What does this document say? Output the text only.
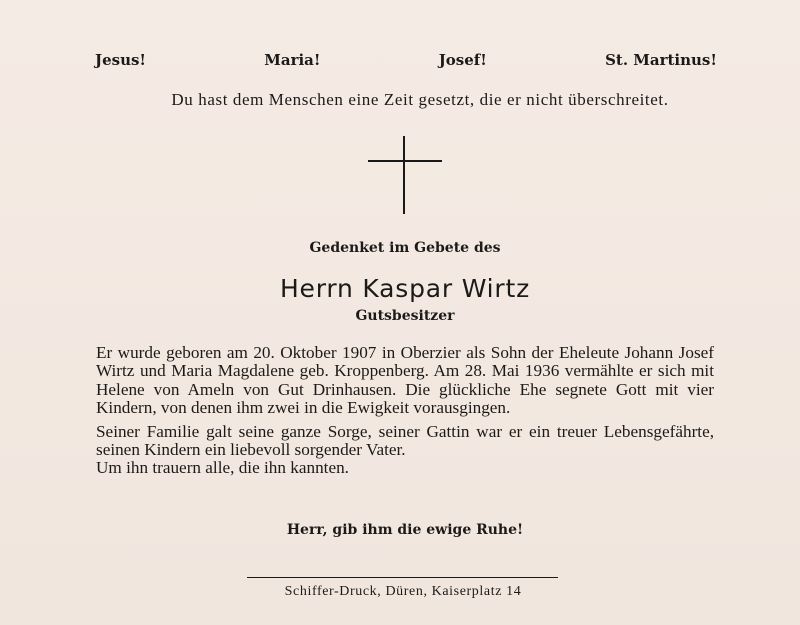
Jesus!	Maria!	Josef!	St. Martinus!
Du hast dem Menschen eine Zeit gesetzt, die er nicht überschreitet.
Gedenket im Gebete des
Herrn Kaspar Wirtz
Gutsbesitzer

Er wurde geboren am 20. Oktober 1907 in Oberzier als Sohn der Eheleute Johann Josef Wirtz und Maria Magdalene geb. Kroppenberg. Am 28. Mai 1936 vermählte er sich mit Helene von Ameln von Gut Drinhausen. Die glückliche Ehe segnete Gott mit vier Kindern, von denen ihm zwei in die Ewigkeit vorausgingen.

Seiner Familie galt seine ganze Sorge, seiner Gattin war er ein treuer Lebensgefährte, seinen Kindern ein liebevoll sorgender Vater.
Um ihn trauern alle, die ihn kannten.

Herr, gib ihm die ewige Ruhe!
Schiffer-Druck, Düren, Kaiserplatz 14
